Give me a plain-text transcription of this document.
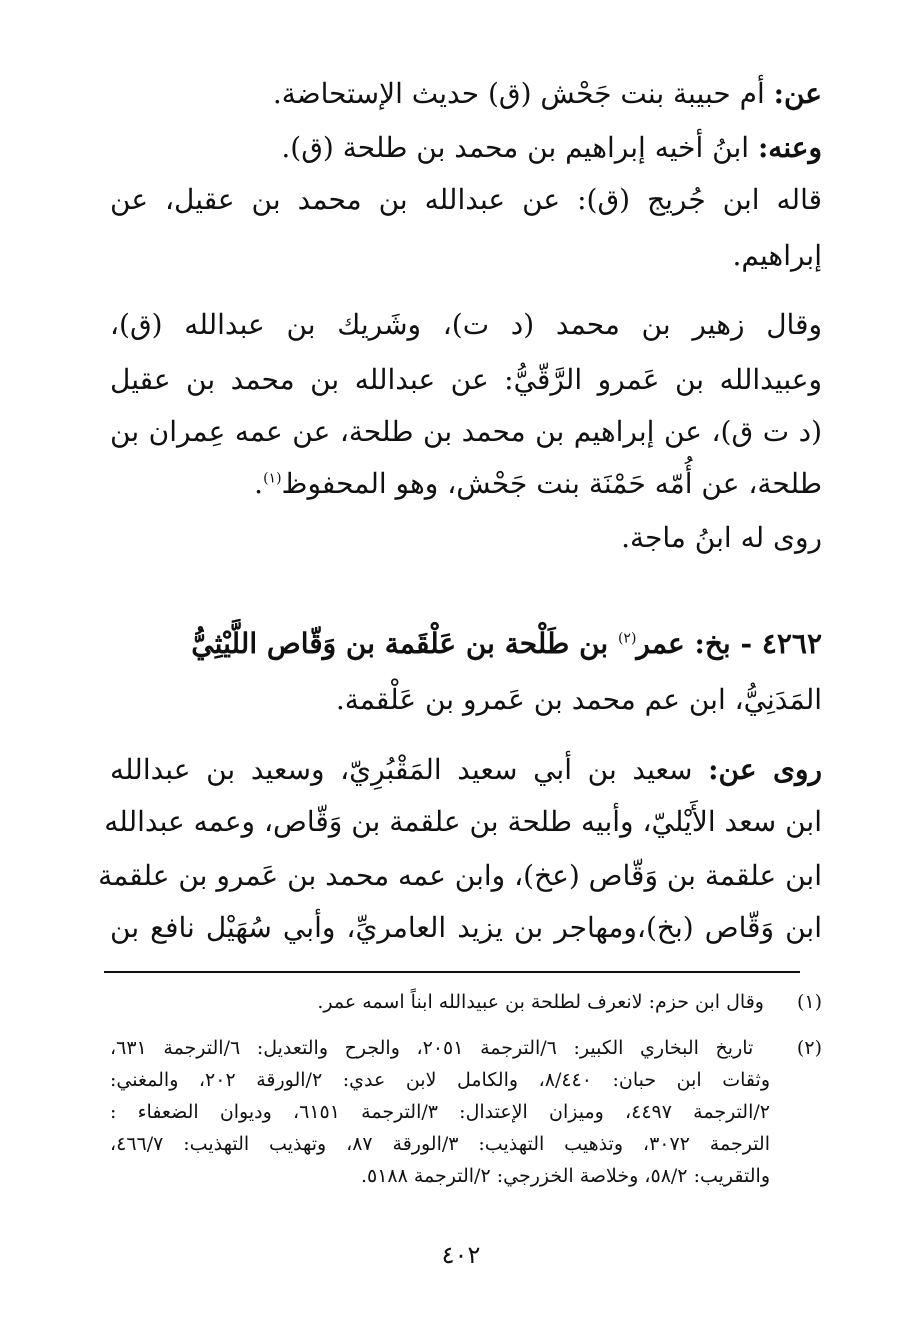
عن: أم حبيبة بنت جَحْش (ق) حديث الإستحاضة.
وعنه: ابنُ أخيه إبراهيم بن محمد بن طلحة (ق).
قاله ابن جُريج (ق): عن عبدالله بن محمد بن عقيل، عن
إبراهيم.
وقال زهير بن محمد (د ت)، وشَريك بن عبدالله (ق)،
وعبيدالله بن عَمرو الرَّقّيُّ: عن عبدالله بن محمد بن عقيل
(د ت ق)، عن إبراهيم بن محمد بن طلحة، عن عمه عِمران بن
طلحة، عن أُمّه حَمْنَة بنت جَحْش، وهو المحفوظ$^{(١)}$.
روى له ابنُ ماجة.
٤٢٦٢ - بخ: عمر$^{(٢)}$ بن طَلْحة بن عَلْقَمة بن وَقّاص اللَّيْثِيُّ
المَدَنِيُّ، ابن عم محمد بن عَمرو بن عَلْقمة.
روى عن: سعيد بن أبي سعيد المَقْبُرِيّ، وسعيد بن عبدالله
ابن سعد الأَيْليّ، وأبيه طلحة بن علقمة بن وَقّاص، وعمه عبدالله
ابن علقمة بن وَقّاص (عخ)، وابن عمه محمد بن عَمرو بن علقمة
ابن وَقّاص (بخ)،ومهاجر بن يزيد العامريِّ، وأبي سُهَيْل نافع بن
(١) وقال ابن حزم: لانعرف لطلحة بن عبيدالله ابناً اسمه عمر.
(٢) تاريخ البخاري الكبير: ٦/الترجمة ٢٠٥١، والجرح والتعديل: ٦/الترجمة ٦٣١،
وثقات ابن حبان: ٨/٤٤٠، والكامل لابن عدي: ٢/الورقة ٢٠٢، والمغني:
٢/الترجمة ٤٤٩٧، وميزان الإعتدال: ٣/الترجمة ٦١٥١، وديوان الضعفاء :
الترجمة ٣٠٧٢، وتذهيب التهذيب: ٣/الورقة ٨٧، وتهذيب التهذيب: ٤٦٦/٧،
والتقريب: ٥٨/٢، وخلاصة الخزرجي: ٢/الترجمة ٥١٨٨.
٤٠٢
